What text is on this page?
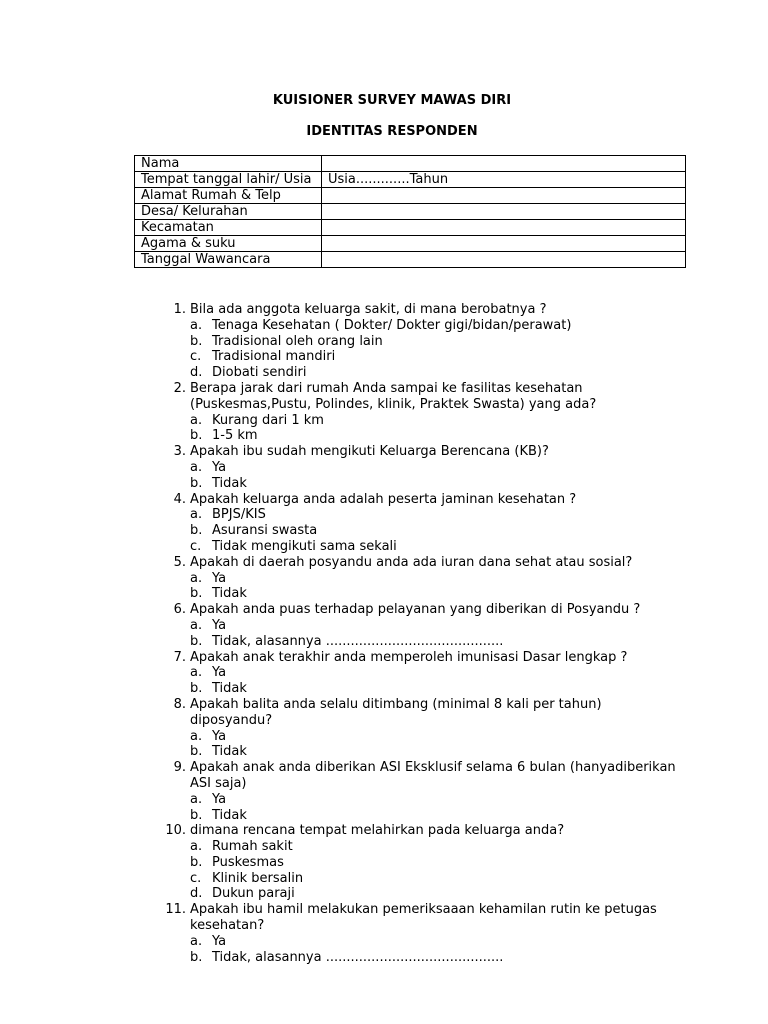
KUISIONER SURVEY MAWAS DIRI
IDENTITAS RESPONDEN
Nama	
Tempat tanggal lahir/ Usia	Usia.............Tahun
Alamat Rumah & Telp	
Desa/ Kelurahan	
Kecamatan	
Agama & suku	
Tanggal Wawancara	
1. Bila ada anggota keluarga sakit, di mana berobatnya ?
a. Tenaga Kesehatan ( Dokter/ Dokter gigi/bidan/perawat)
b. Tradisional oleh orang lain
c. Tradisional mandiri
d. Diobati sendiri
2. Berapa jarak dari rumah Anda sampai ke fasilitas kesehatan (Puskesmas,Pustu, Polindes, klinik, Praktek Swasta) yang ada?
a. Kurang dari 1 km
b. 1-5 km
3. Apakah ibu sudah mengikuti Keluarga Berencana (KB)?
a. Ya
b. Tidak
4. Apakah keluarga anda adalah peserta jaminan kesehatan ?
a. BPJS/KIS
b. Asuransi swasta
c. Tidak mengikuti sama sekali
5. Apakah di daerah posyandu anda ada iuran dana sehat atau sosial?
a. Ya
b. Tidak
6. Apakah anda puas terhadap pelayanan yang diberikan di Posyandu ?
a. Ya
b. Tidak, alasannya ...........................................
7. Apakah anak terakhir anda memperoleh imunisasi Dasar lengkap ?
a. Ya
b. Tidak
8. Apakah balita anda selalu ditimbang (minimal 8 kali per tahun) diposyandu?
a. Ya
b. Tidak
9. Apakah anak anda diberikan ASI Eksklusif selama 6 bulan (hanyadiberikan ASI saja)
a. Ya
b. Tidak
10. dimana rencana tempat melahirkan pada keluarga anda?
a. Rumah sakit
b. Puskesmas
c. Klinik bersalin
d. Dukun paraji
11. Apakah ibu hamil melakukan pemeriksaaan kehamilan rutin ke petugas kesehatan?
a. Ya
b. Tidak, alasannya ...........................................
